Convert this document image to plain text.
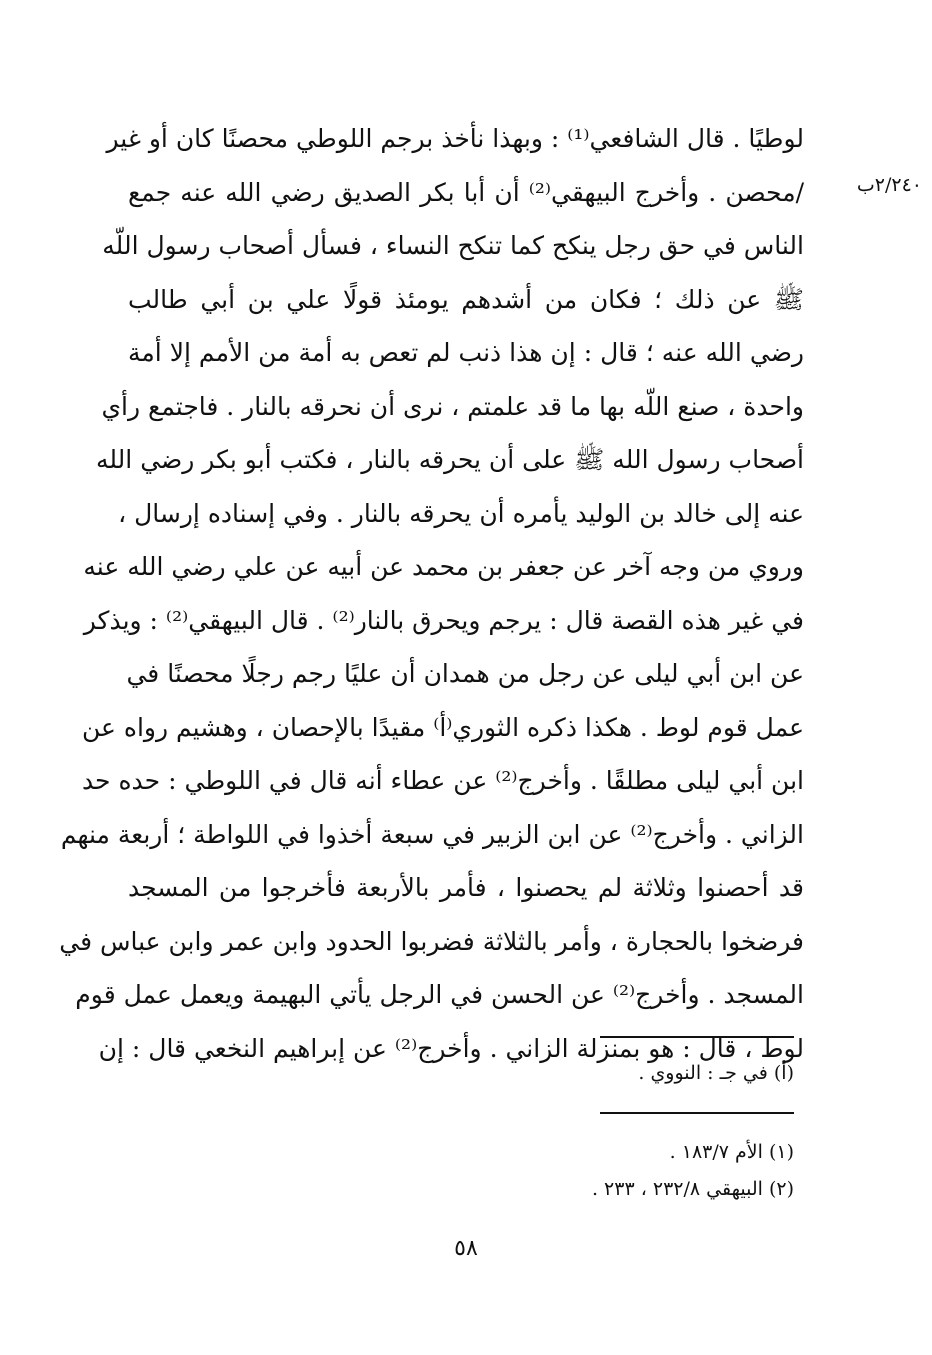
٢/٢٤٠ب
لوطيًا . قال الشافعي⁽¹⁾ : وبهذا نأخذ برجم اللوطي محصنًا كان أو غير
/محصن . وأخرج البيهقي⁽²⁾ أن أبا بكر الصديق رضي الله عنه جمع
الناس في حق رجل ينكح كما تنكح النساء ، فسأل أصحاب رسول اللّه
ﷺ عن ذلك ؛ فكان من أشدهم يومئذ قولًا علي بن أبي طالب
رضي الله عنه ؛ قال : إن هذا ذنب لم تعص به أمة من الأمم إلا أمة
واحدة ، صنع اللّه بها ما قد علمتم ، نرى أن نحرقه بالنار . فاجتمع رأي
أصحاب رسول الله ﷺ على أن يحرقه بالنار ، فكتب أبو بكر رضي الله
عنه إلى خالد بن الوليد يأمره أن يحرقه بالنار . وفي إسناده إرسال ،
وروي من وجه آخر عن جعفر بن محمد عن أبيه عن علي رضي الله عنه
في غير هذه القصة قال : يرجم ويحرق بالنار⁽²⁾ . قال البيهقي⁽²⁾ : ويذكر
عن ابن أبي ليلى عن رجل من همدان أن عليًا رجم رجلًا محصنًا في
عمل قوم لوط . هكذا ذكره الثوري⁽أ⁾ مقيدًا بالإحصان ، وهشيم رواه عن
ابن أبي ليلى مطلقًا . وأخرج⁽²⁾ عن عطاء أنه قال في اللوطي : حده حد
الزاني . وأخرج⁽²⁾ عن ابن الزبير في سبعة أخذوا في اللواطة ؛ أربعة منهم
قد أحصنوا وثلاثة لم يحصنوا ، فأمر بالأربعة فأخرجوا من المسجد
فرضخوا بالحجارة ، وأمر بالثلاثة فضربوا الحدود وابن عمر وابن عباس في
المسجد . وأخرج⁽²⁾ عن الحسن في الرجل يأتي البهيمة ويعمل عمل قوم
لوط ، قال : هو بمنزلة الزاني . وأخرج⁽²⁾ عن إبراهيم النخعي قال : إن
(أ) في جـ : النووي .
(١) الأم ١٨٣/٧ .
(٢) البيهقي ٢٣٢/٨ ، ٢٣٣ .
٥٨
